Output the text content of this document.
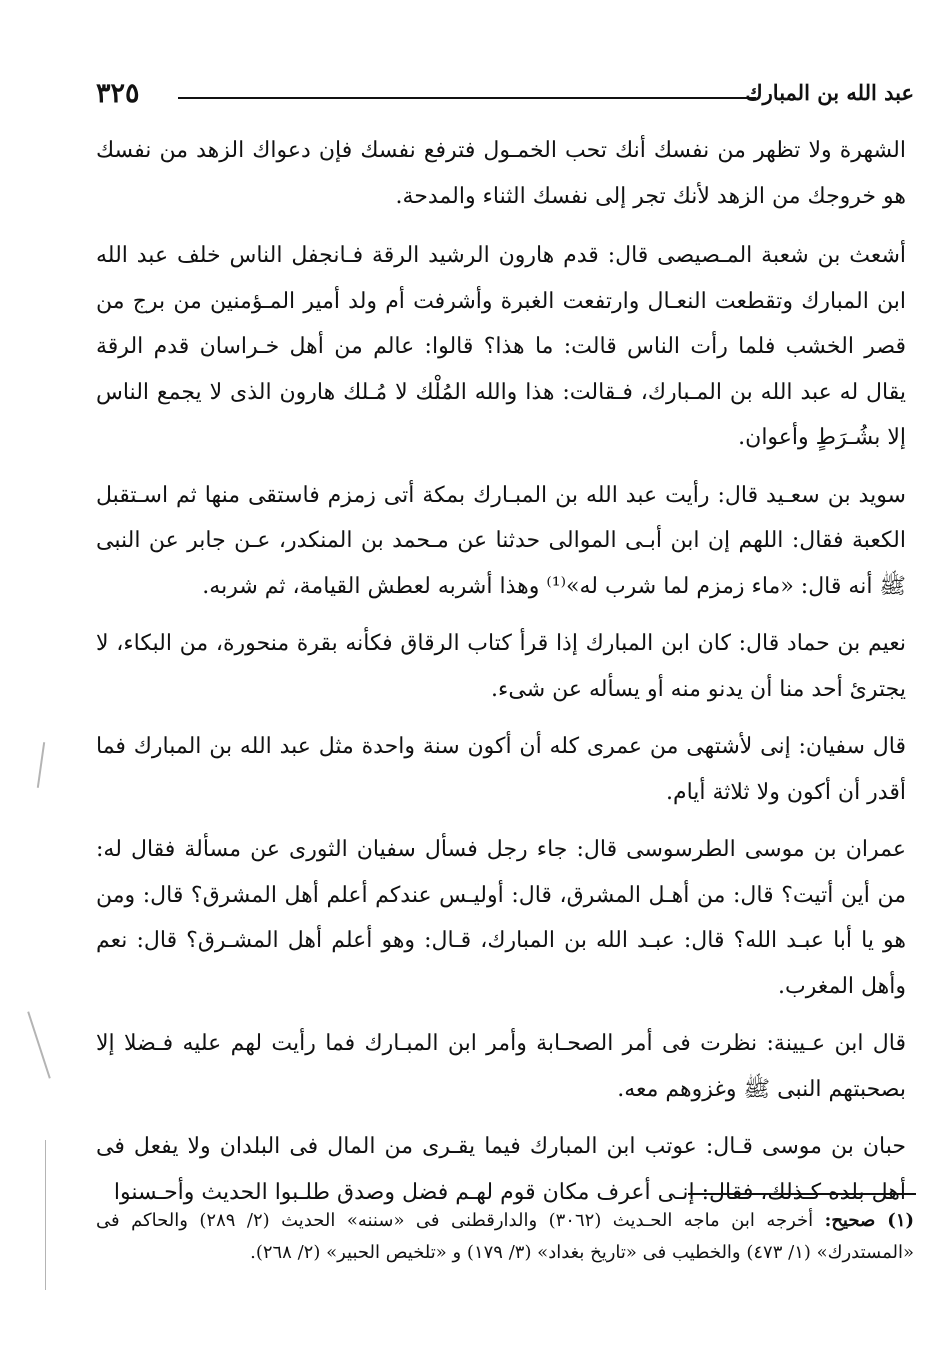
عبد الله بن المبارك
٣٢٥

الشهرة ولا تظهر من نفسك أنك تحب الخمـول فترفع نفسك فإن دعواك الزهد من نفسك هو خروجك من الزهد لأنك تجر إلى نفسك الثناء والمدحة.

أشعث بن شعبة المـصيصى قال: قدم هارون الرشيد الرقة فـانجفل الناس خلف عبد الله ابن المبارك وتقطعت النعـال وارتفعت الغبرة وأشرفت أم ولد أمير المـؤمنين من برج من قصر الخشب فلما رأت الناس قالت: ما هذا؟ قالوا: عالم من أهل خـراسان قدم الرقة يقال له عبد الله بن المـبارك، فـقالت: هذا والله المُلْك لا مُـلك هارون الذى لا يجمع الناس إلا بشُـرَطٍ وأعوان.

سويد بن سعـيد قال: رأيت عبد الله بن المبـارك بمكة أتى زمزم فاستقى منها ثم اسـتقبل الكعبة فقال: اللهم إن ابن أبـى الموالى حدثنا عن مـحمد بن المنكدر، عـن جابر عن النبى ﷺ أنه قال: «ماء زمزم لما شرب له»⁽¹⁾ وهذا أشربه لعطش القيامة، ثم شربه.

نعيم بن حماد قال: كان ابن المبارك إذا قرأ كتاب الرقاق فكأنه بقرة منحورة، من البكاء، لا يجترئ أحد منا أن يدنو منه أو يسأله عن شىء.

قال سفيان: إنى لأشتهى من عمرى كله أن أكون سنة واحدة مثل عبد الله بن المبارك فما أقدر أن أكون ولا ثلاثة أيام.

عمران بن موسى الطرسوسى قال: جاء رجل فسأل سفيان الثورى عن مسألة فقال له: من أين أتيت؟ قال: من أهـل المشرق، قال: أوليـس عندكم أعلم أهل المشرق؟ قال: ومن هو يا أبا عبـد الله؟ قال: عبـد الله بن المبارك، قـال: وهو أعلم أهل المشـرق؟ قال: نعم وأهل المغرب.

قال ابن عـيينة: نظرت فى أمر الصحـابة وأمر ابن المبـارك فما رأيت لهم عليه فـضلا إلا بصحبتهم النبى ﷺ وغزوهم معه.

حبان بن موسى قـال: عوتب ابن المبارك فيما يقـرى من المال فى البلدان ولا يفعل فى أهل بلده كـذلك، فقال: إنـى أعرف مكان قوم لهـم فضل وصدق طلـبوا الحديث وأحـسنوا

(١) صحيح: أخرجه ابن ماجه الحـديث (٣٠٦٢) والدارقطنى فى «سننه» الحديث (٢/ ٢٨٩) والحاكم فى «المستدرك» (١/ ٤٧٣) والخطيب فى «تاريخ بغداد» (٣/ ١٧٩) و «تلخيص الحبير» (٢/ ٢٦٨).
